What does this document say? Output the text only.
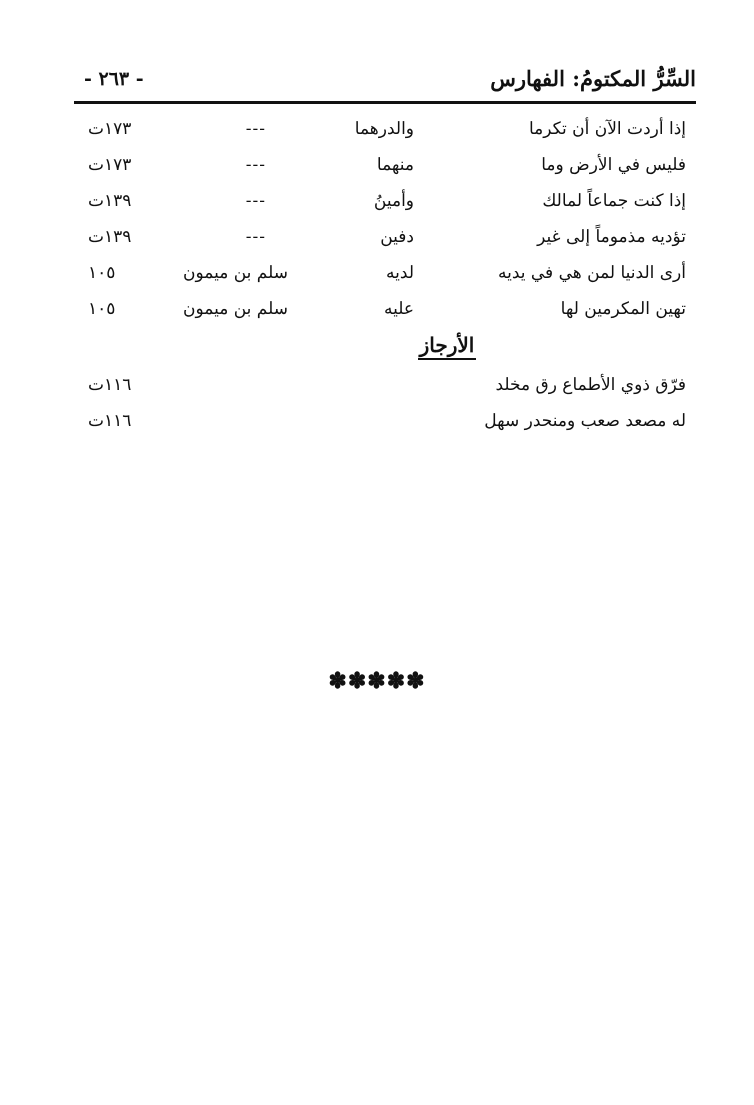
السِّرُّ المكتومُ: الفهارس
- ٢٦٣ -
إذا أردت الآن أن تكرما
والدرهما
---
١٧٣ت
فليس في الأرض وما
منهما
---
١٧٣ت
إذا كنت جماعاً لمالك
وأمينُ
---
١٣٩ت
تؤديه مذموماً إلى غير
دفين
---
١٣٩ت
أرى الدنيا لمن هي في يديه
لديه
سلم بن ميمون
١٠٥
تهين المكرمين لها
عليه
سلم بن ميمون
١٠٥
الأرجاز
فرّق ذوي الأطماع رق مخلد
١١٦ت
له مصعد صعب ومنحدر سهل
١١٦ت
✽✽✽✽✽
